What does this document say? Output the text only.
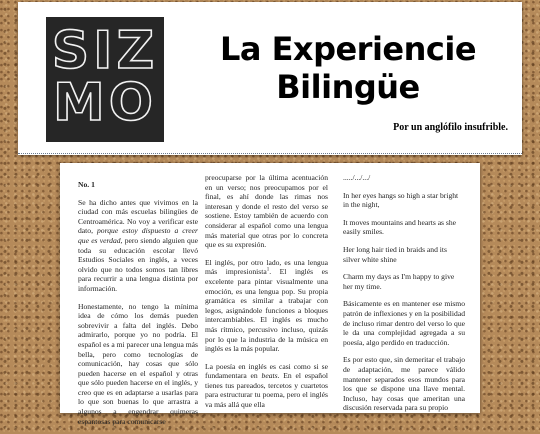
SIZ
MO
La Experiencie
Bilingüe
Por un anglófilo insufrible.
No. 1

Se ha dicho antes que vivimos en la ciudad con más escuelas bilingües de Centroamérica. No voy a verificar este dato, porque estoy dispuesto a creer que es verdad, pero siendo alguien que toda su educación escolar llevó Estudios Sociales en inglés, a veces olvido que no todos somos tan libres para recurrir a una lengua distinta por información.

Honestamente, no tengo la mínima idea de cómo los demás pueden sobrevivir a falta del inglés. Debo admirarlo, porque yo no podría. El español es a mi parecer una lengua más bella, pero como tecnologías de comunicación, hay cosas que sólo pueden hacerse en el español y otras que sólo pueden hacerse en el inglés, y creo que es en adaptarse a usarlas para lo que son buenas lo que arrastra a algunos a engendrar quimeras espantosas para comunicarse

preocuparse por la última acentuación en un verso; nos preocupamos por el final, es ahí donde las rimas nos interesan y donde el resto del verso se sostiene. Estoy también de acuerdo con considerar al español como una lengua más material que otras por lo concreta que es su expresión.

El inglés, por otro lado, es una lengua más impresionista$^1$. El inglés es excelente para pintar visualmente una emoción, es una lengua pop. Su propia gramática es similar a trabajar con legos, asignándole funciones a bloques intercambiables. El inglés es mucho más rítmico, percusivo incluso, quizás por lo que la industria de la música en inglés es la más popular.

La poesía en inglés es casi como si se fundamentara en beats. En el español tienes tus pareados, tercetos y cuartetos para estructurar tu poema, pero el inglés va más allá que ella

...../.../.../

In her eyes hangs so high a star bright in the night,

It moves mountains and hearts as she easily smiles.

Her long hair tied in braids and its silver white shine

Charm my days as I'm happy to give her my time.

Básicamente es en mantener ese mismo patrón de inflexiones y en la posibilidad de incluso rimar dentro del verso lo que le da una complejidad agregada a su poesía, algo perdido en traducción.

Es por esto que, sin demeritar el trabajo de adaptación, me parece válido mantener separados esos mundos para los que se dispone una llave mental. Incluso, hay cosas que ameritan una discusión reservada para su propio
